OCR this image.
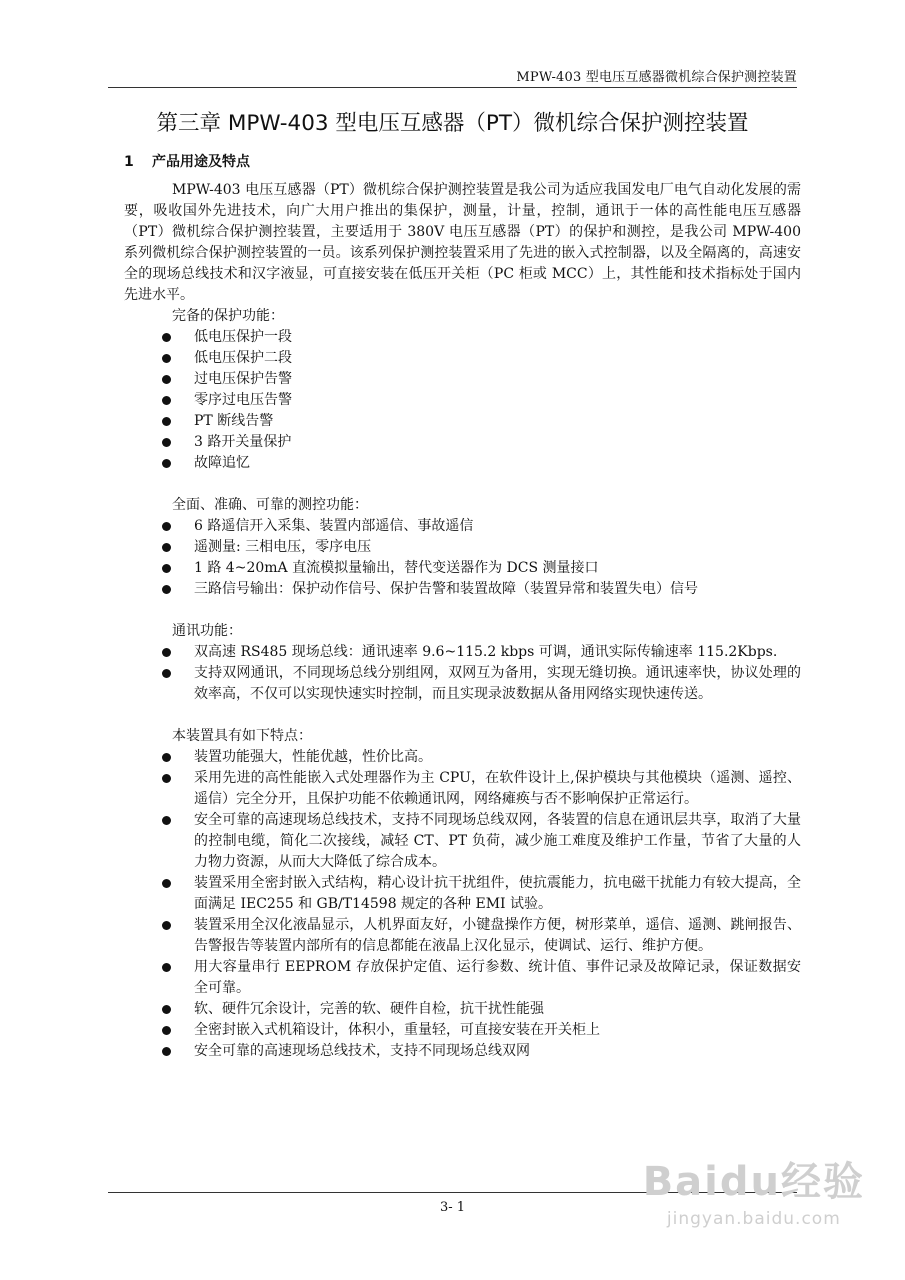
MPW-403 型电压互感器微机综合保护测控装置
第三章 MPW-403 型电压互感器（PT）微机综合保护测控装置
1 产品用途及特点

MPW-403 电压互感器（PT）微机综合保护测控装置是我公司为适应我国发电厂电气自动化发展的需要，吸收国外先进技术，向广大用户推出的集保护，测量，计量，控制，通讯于一体的高性能电压互感器（PT）微机综合保护测控装置，主要适用于 380V 电压互感器（PT）的保护和测控，是我公司 MPW-400 系列微机综合保护测控装置的一员。该系列保护测控装置采用了先进的嵌入式控制器，以及全隔离的，高速安全的现场总线技术和汉字液显，可直接安装在低压开关柜（PC 柜或 MCC）上，其性能和技术指标处于国内先进水平。

完备的保护功能：

低电压保护一段
低电压保护二段
过电压保护告警
零序过电压告警
PT 断线告警
3 路开关量保护
故障追忆

全面、准确、可靠的测控功能：

6 路遥信开入采集、装置内部遥信、事故遥信
遥测量: 三相电压，零序电压
1 路 4~20mA 直流模拟量输出，替代变送器作为 DCS 测量接口
三路信号输出：保护动作信号、保护告警和装置故障（装置异常和装置失电）信号

通讯功能：

双高速 RS485 现场总线：通讯速率 9.6~115.2 kbps 可调，通讯实际传输速率 115.2Kbps.
支持双网通讯，不同现场总线分别组网，双网互为备用，实现无缝切换。通讯速率快，协议处理的效率高，不仅可以实现快速实时控制，而且实现录波数据从备用网络实现快速传送。

本装置具有如下特点：

装置功能强大，性能优越，性价比高。
采用先进的高性能嵌入式处理器作为主 CPU，在软件设计上,保护模块与其他模块（遥测、遥控、遥信）完全分开，且保护功能不依赖通讯网，网络瘫痪与否不影响保护正常运行。
安全可靠的高速现场总线技术，支持不同现场总线双网，各装置的信息在通讯层共享，取消了大量的控制电缆，简化二次接线，减轻 CT、PT 负荷，减少施工难度及维护工作量，节省了大量的人力物力资源，从而大大降低了综合成本。
装置采用全密封嵌入式结构，精心设计抗干扰组件，使抗震能力，抗电磁干扰能力有较大提高，全面满足 IEC255 和 GB/T14598 规定的各种 EMI 试验。
装置采用全汉化液晶显示，人机界面友好，小键盘操作方便，树形菜单，遥信、遥测、跳闸报告、告警报告等装置内部所有的信息都能在液晶上汉化显示，使调试、运行、维护方便。
用大容量串行 EEPROM 存放保护定值、运行参数、统计值、事件记录及故障记录，保证数据安全可靠。
软、硬件冗余设计，完善的软、硬件自检，抗干扰性能强
全密封嵌入式机箱设计，体积小，重量轻，可直接安装在开关柜上
安全可靠的高速现场总线技术，支持不同现场总线双网
3- 1
Baidu经验
jingyan.baidu.com
